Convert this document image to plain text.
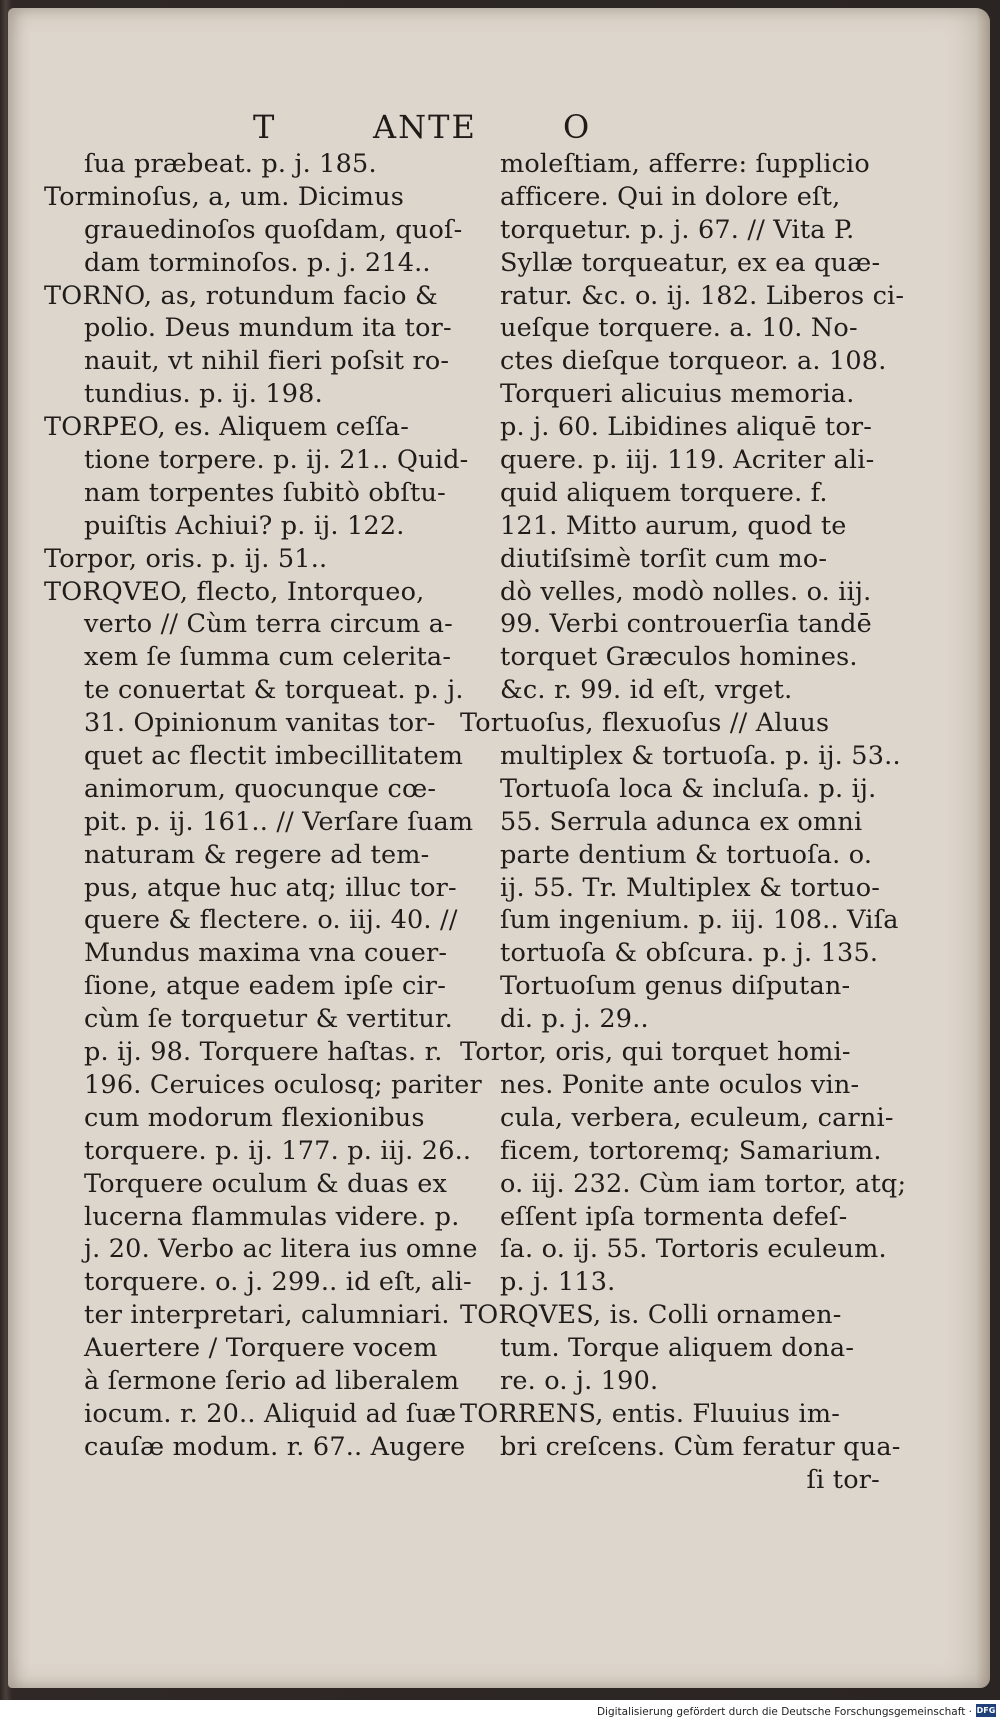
T	ANTE	O
ſua præbeat. p. j. 185.
Torminoſus, a, um. Dicimus
grauedinoſos quoſdam, quoſ-
dam torminoſos. p. j. 214..
TORNO, as, rotundum facio &
polio. Deus mundum ita tor-
nauit, vt nihil fieri poſsit ro-
tundius. p. ij. 198.
TORPEO, es. Aliquem ceſſa-
tione torpere. p. ij. 21.. Quid-
nam torpentes ſubitò obſtu-
puiſtis Achiui? p. ij. 122.
Torpor, oris. p. ij. 51..
TORQVEO, flecto, Intorqueo,
verto // Cùm terra circum a-
xem ſe ſumma cum celerita-
te conuertat & torqueat. p. j.
31. Opinionum vanitas tor-
quet ac flectit imbecillitatem
animorum, quocunque cœ-
pit. p. ij. 161.. // Verſare ſuam
naturam & regere ad tem-
pus, atque huc atq; illuc tor-
quere & flectere. o. iij. 40. //
Mundus maxima vna couer-
ſione, atque eadem ipſe cir-
cùm ſe torquetur & vertitur.
p. ij. 98. Torquere haſtas. r.
196. Ceruices oculosq; pariter
cum modorum flexionibus
torquere. p. ij. 177. p. iij. 26..
Torquere oculum & duas ex
lucerna flammulas videre. p.
j. 20. Verbo ac litera ius omne
torquere. o. j. 299.. id eſt, ali-
ter interpretari, calumniari.
Auertere / Torquere vocem
à ſermone ſerio ad liberalem
iocum. r. 20.. Aliquid ad ſuæ
cauſæ modum. r. 67.. Augere
moleſtiam, afferre: ſupplicio
afficere. Qui in dolore eſt,
torquetur. p. j. 67. // Vita P.
Syllæ torqueatur, ex ea quæ-
ratur. &c. o. ij. 182. Liberos ci-
ueſque torquere. a. 10. No-
ctes dieſque torqueor. a. 108.
Torqueri alicuius memoria.
p. j. 60. Libidines aliquē tor-
quere. p. iij. 119. Acriter ali-
quid aliquem torquere. f.
121. Mitto aurum, quod te
diutiſsimè torſit cum mo-
dò velles, modò nolles. o. iij.
99. Verbi controuerſia tandē
torquet Græculos homines.
&c. r. 99. id eſt, vrget.
Tortuoſus, flexuoſus // Aluus
multiplex & tortuoſa. p. ij. 53..
Tortuoſa loca & incluſa. p. ij.
55. Serrula adunca ex omni
parte dentium & tortuoſa. o.
ij. 55. Tr. Multiplex & tortuo-
ſum ingenium. p. iij. 108.. Viſa
tortuoſa & obſcura. p. j. 135.
Tortuoſum genus diſputan-
di. p. j. 29..
Tortor, oris, qui torquet homi-
nes. Ponite ante oculos vin-
cula, verbera, eculeum, carni-
ficem, tortoremq; Samarium.
o. iij. 232. Cùm iam tortor, atq;
eſſent ipſa tormenta defeſ-
ſa. o. ij. 55. Tortoris eculeum.
p. j. 113.
TORQVES, is. Colli ornamen-
tum. Torque aliquem dona-
re. o. j. 190.
TORRENS, entis. Fluuius im-
bri creſcens. Cùm feratur qua-
ſi tor-
Digitalisierung gefördert durch die Deutsche Forschungsgemeinschaft · DFG
